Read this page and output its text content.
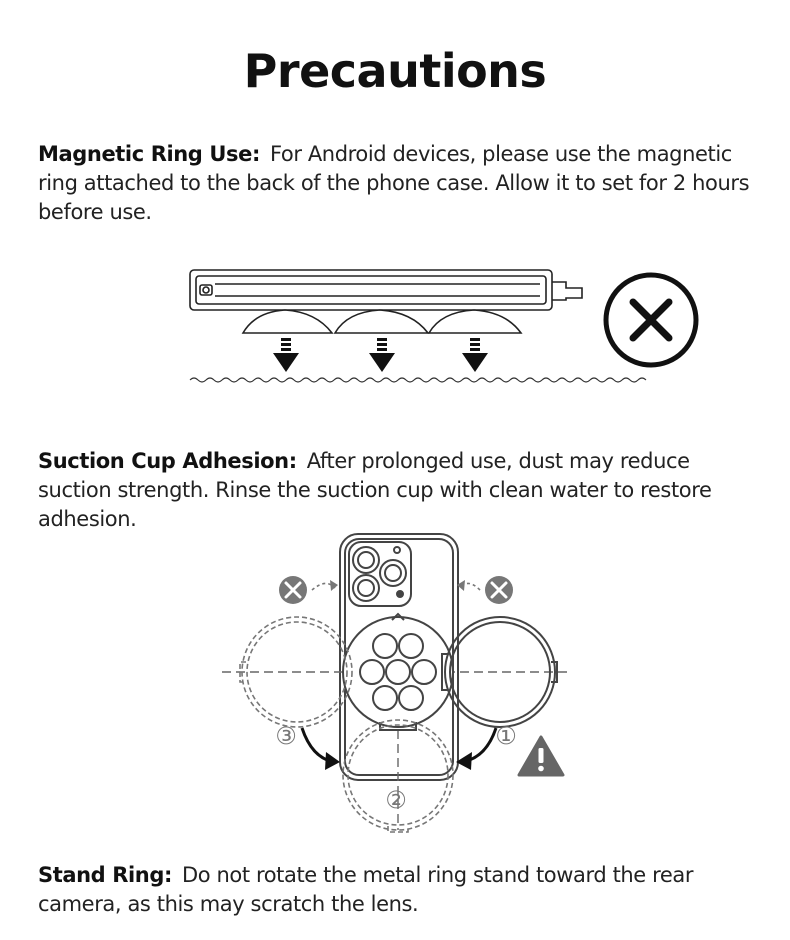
Precautions
Magnetic Ring Use: For Android devices, please use the magnetic ring attached to the back of the phone case. Allow it to set for 2 hours before use.
Suction Cup Adhesion: After prolonged use, dust may reduce suction strength. Rinse the suction cup with clean water to restore adhesion.
③	①
②
Stand Ring: Do not rotate the metal ring stand toward the rear camera, as this may scratch the lens.
